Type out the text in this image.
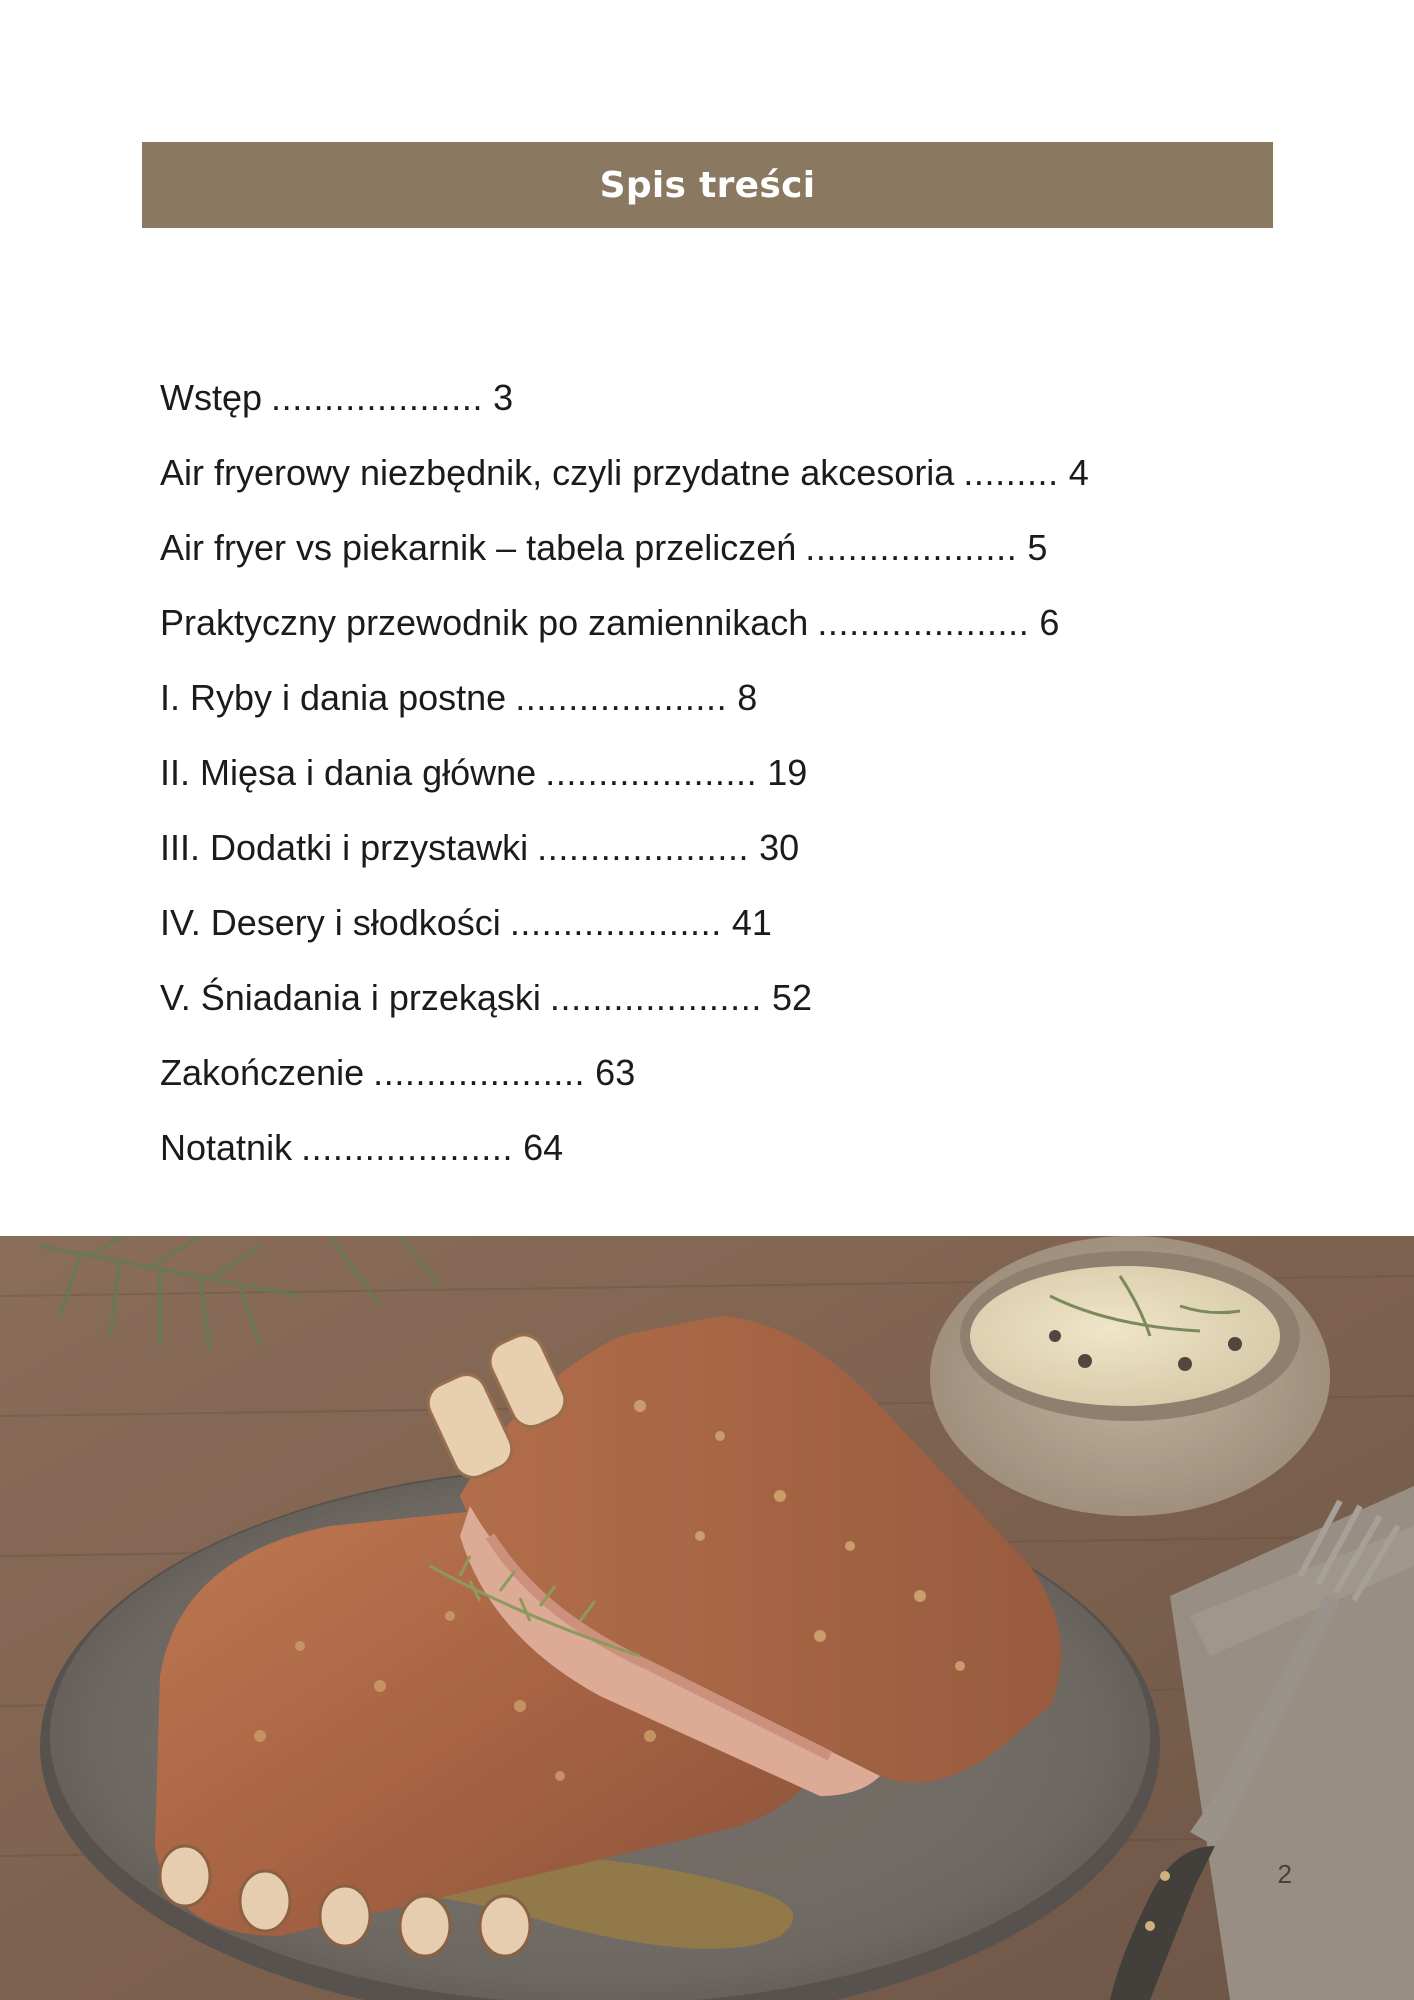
Spis treści
Wstęp .................... 3
Air fryerowy niezbędnik, czyli przydatne akcesoria ......... 4
Air fryer vs piekarnik – tabela przeliczeń .................... 5
Praktyczny przewodnik po zamiennikach .................... 6
I. Ryby i dania postne .................... 8
II. Mięsa i dania główne .................... 19
III. Dodatki i przystawki .................... 30
IV. Desery i słodkości .................... 41
V. Śniadania i przekąski .................... 52
Zakończenie .................... 63
Notatnik .................... 64
2
